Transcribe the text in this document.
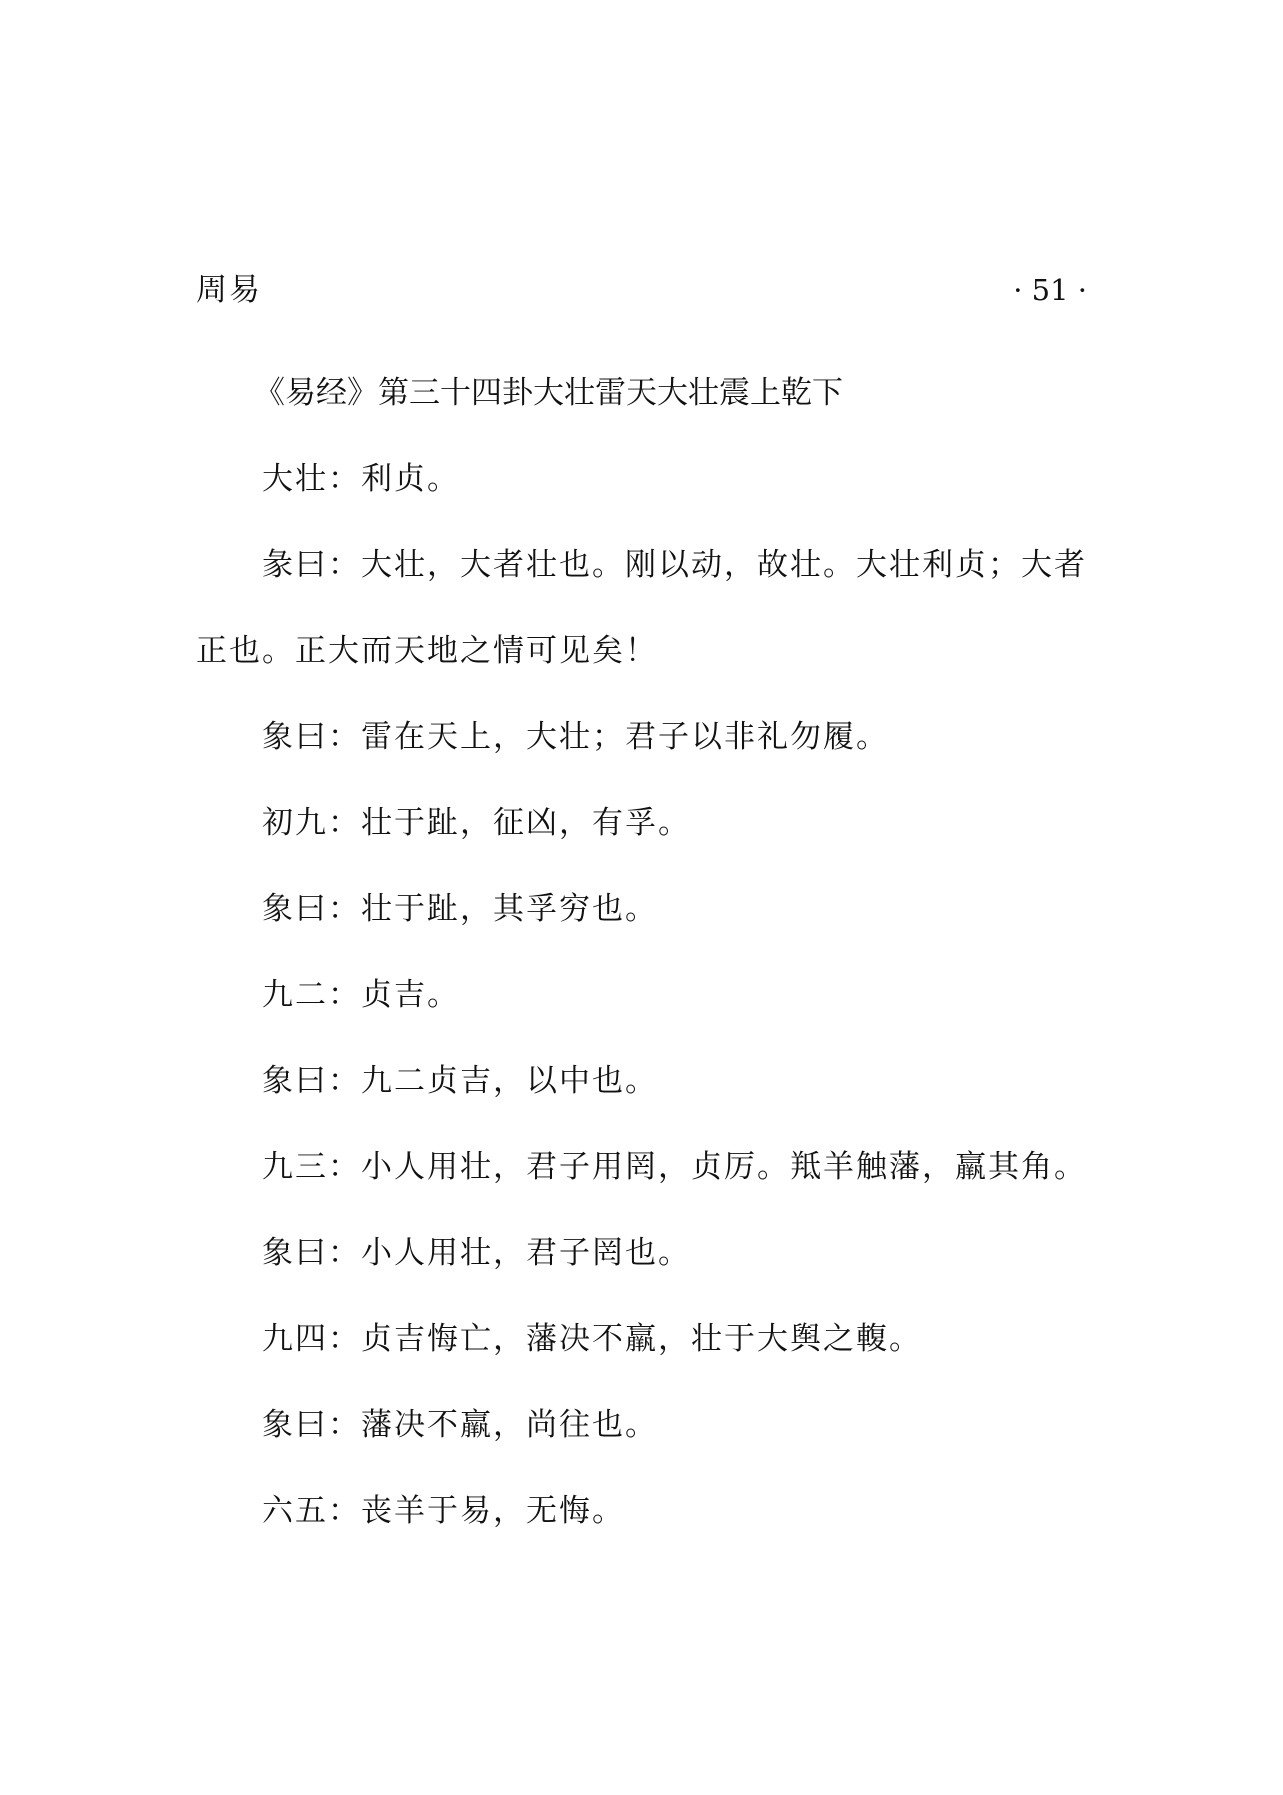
周易	· 51 ·

《易经》第三十四卦大壮雷天大壮震上乾下

大壮：利贞。

彖曰：大壮，大者壮也。刚以动，故壮。大壮利贞；大者正也。正大而天地之情可见矣！

象曰：雷在天上，大壮；君子以非礼勿履。

初九：壮于趾，征凶，有孚。

象曰：壮于趾，其孚穷也。

九二：贞吉。

象曰：九二贞吉，以中也。

九三：小人用壮，君子用罔，贞厉。羝羊触藩，羸其角。

象曰：小人用壮，君子罔也。

九四：贞吉悔亡，藩决不羸，壮于大舆之輹。

象曰：藩决不羸，尚往也。

六五：丧羊于易，无悔。
